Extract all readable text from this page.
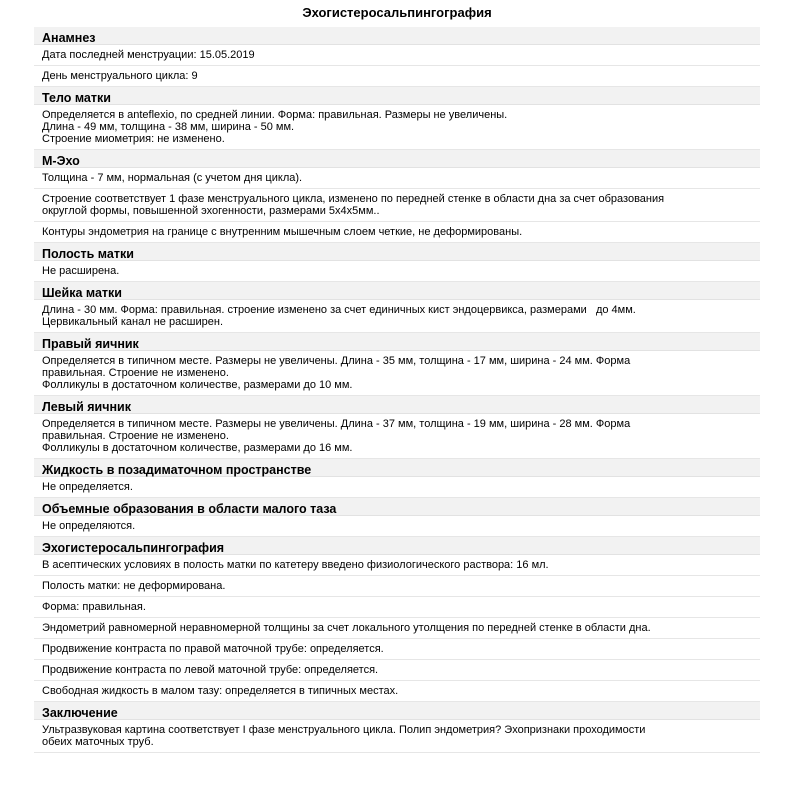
Эхогистеросальпингография
Анамнез
Дата последней менструации: 15.05.2019
День менструального цикла: 9
Тело матки
Определяется в anteflexio, по средней линии. Форма: правильная. Размеры не увеличены.
Длина - 49 мм, толщина - 38 мм, ширина - 50 мм.
Строение миометрия: не изменено.
М-Эхо
Толщина - 7 мм, нормальная (с учетом дня цикла).
Строение соответствует 1 фазе менструального цикла, изменено по передней стенке в области дна за счет образования
округлой формы, повышенной эхогенности, размерами 5х4х5мм..
Контуры эндометрия на границе с внутренним мышечным слоем четкие, не деформированы.
Полость матки
Не расширена.
Шейка матки
Длина - 30 мм. Форма: правильная. строение изменено за счет единичных кист эндоцервикса, размерами   до 4мм.
Цервикальный канал не расширен.
Правый яичник
Определяется в типичном месте. Размеры не увеличены. Длина - 35 мм, толщина - 17 мм, ширина - 24 мм. Форма
правильная. Строение не изменено.
Фолликулы в достаточном количестве, размерами до 10 мм.
Левый яичник
Определяется в типичном месте. Размеры не увеличены. Длина - 37 мм, толщина - 19 мм, ширина - 28 мм. Форма
правильная. Строение не изменено.
Фолликулы в достаточном количестве, размерами до 16 мм.
Жидкость в позадиматочном пространстве
Не определяется.
Объемные образования в области малого таза
Не определяются.
Эхогистеросальпингография
В асептических условиях в полость матки по катетеру введено физиологического раствора: 16 мл.
Полость матки: не деформирована.
Форма: правильная.
Эндометрий равномерной неравномерной толщины за счет локального утолщения по передней стенке в области дна.
Продвижение контраста по правой маточной трубе: определяется.
Продвижение контраста по левой маточной трубе: определяется.
Свободная жидкость в малом тазу: определяется в типичных местах.
Заключение
Ультразвуковая картина соответствует I фазе менструального цикла. Полип эндометрия? Эхопризнаки проходимости
обеих маточных труб.
